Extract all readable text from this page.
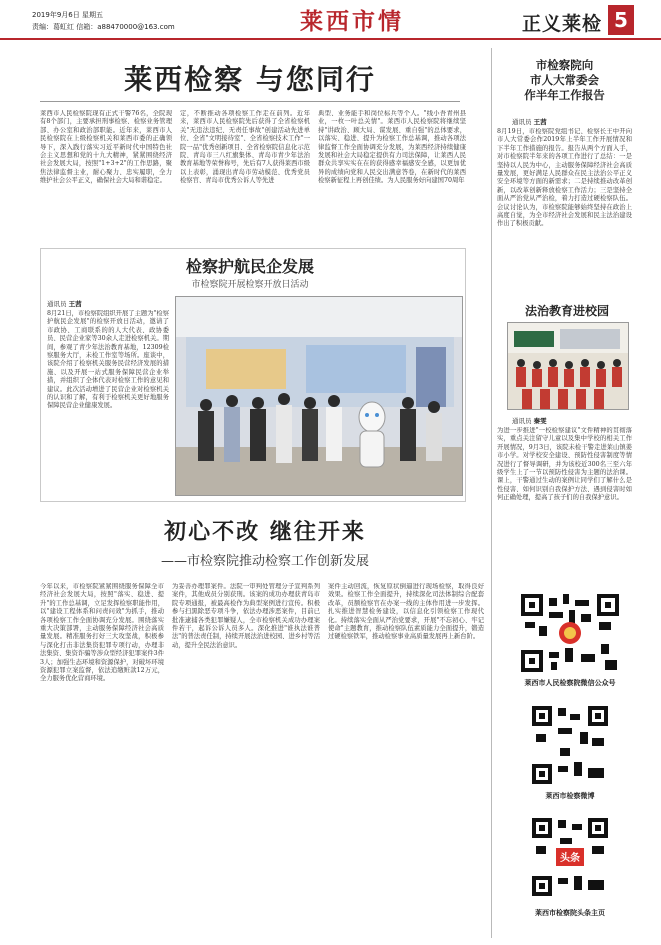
2019年9月6日 星期五
责编：葛虹红 信箱：a88470000@163.com	莱西市情	正义莱检 5
莱西检察 与您同行
莱西市人民检察院现有正式干警76名，全院现有8个部门，主要承担刑事检察、检察业务管理部、办公室和政治部职能。近年来，莱西市人民检察院在上级检察机关和莱西市委的正确领导下，深入践行落实习近平新时代中国特色社会主义思想和党的十九大精神，紧紧围绕经济社会发展大局，按照"1+3+2"的工作思路，聚焦法律监督主业，耐心聚力、忠实履职，全力维护社会公平正义，确保社会大局和谐稳定。
定，不断推动各项检察工作走在前列。近年来，莱西市人民检察院先后获得了全省检察机关"无违法违纪、无责任事故"创建活动先进单位、全省"文明接待室"、全省检察技术工作"一院一品"优秀创新项目、全省检察院信息化示范院、青岛市三八红旗集体、青岛市青少年法治教育基地等荣誉称号，先后有7人获得莱西市级以上表彰，涌现出青岛市劳动模范、优秀党员检察官、青岛市优秀公诉人等先进
典型、业务能手和岗位标兵等个人。"线小吾青州县业，一枚一叶总关情"。莱西市人民检察院将继续坚持"讲政治、顾大局、谋发展、重自强"的总体要求，以落实、稳进、提升为检察工作总基调，推动各项法律监督工作全面协调充分发展，为莱西经济持续健康发展和社会大局稳定提供有力司法保障，让莱西人民群众共享实实在在的获得感幸福感安全感，以更加优异的成绩向党和人民交出满意答卷，在新时代的莱西检察新征程上再创佳绩。为人民服务好向建国70周年
市检察院向
市人大常委会
作半年工作报告
通讯员 王茜
8月19日，市检察院党组书记、检察长王中开向市人大常委会作2019年上半年工作开展情况和下半年工作措施的报告。报告从两个方面入手，对市检察院半年来的各项工作进行了总结：一是坚持以人民为中心，主动服务保障经济社会高质量发展，更好满足人民群众在民主法治公平正义安全环境等方面的新需求；二是持续推动改革创新，以改革创新释放检察工作活力；三是坚持全面从严治党从严治检，着力打造过硬检察队伍。会议讨论认为，市检察院能够始终坚持在政治上高度自觉，为全市经济社会发展和民主法治建设作出了积极贡献。
检察护航民企发展
市检察院开展检察开放日活动
通讯员 王茜
8月21日，市检察院组织开展了主题为"检察护航民企发展"的检察开放日活动，邀请了市政协、工商联系的的人大代表、政协委员、民营企业家等30余人走进检察机关。期间，参观了青少年法治教育基地，12309检察服务大厅，未检工作室等场所。座谈中，该院介绍了检察机关服务民营经济发展的措施、以及开展一站式服务保障民营企业举措，并组织了全体代表对检察工作的意见和建议。此次活动增进了民营企业对检察机关的认识和了解，有利于检察机关更好地服务保障民营企业健康发展。
法治教育进校园
通讯员 秦雯
为进一步推进"一校检察建议"文件精神的贯彻落实，重点关注留守儿童以及集中学校的相关工作开展情况，9月3日，该院未检干警走进莱山镇姜市小学。对学校安全建设、预防性侵害制度等情况进行了督导调研，并为该校近300名三至六年级学生上了一节以预防性侵害为主题的法治课。课上，干警通过生动的案例让同学们了解什么是性侵害、如何识别自我保护方法、遇到侵害时如何正确处理，提高了孩子们的自我保护意识。
初心不改 继往开来
——市检察院推动检察工作创新发展
今年以来，市检察院紧紧围绕服务保障全市经济社会发展大局，按照"落实、稳进、提升"的工作总基调，立足发挥检察职能作用，以"建设工程体系和问责问效"为抓手，推动各项检察工作全面协调充分发展。围绕落实重大决策部署，主动服务保障经济社会高质量发展。精准服务打好三大攻坚战，积极参与深化打击非法集资犯罪专项行动，办理非法集资、集资诈骗等涉众型经济犯罪案件3件3人；加强生态环境和资源保护，对破坏环境资源犯罪立案监督，依法追缴赃款12万元，全力服务优化营商环境。
为妥善办理罪案件。法院一审判处管理分子宣判系列案件，其他成员分别获刑。该案的成功办理获青岛市院专项通报，被最高检作为典型案例进行宣传。积极参与扫黑除恶专项斗争，依法办理涉恶案件，目前已批准逮捕各类犯罪嫌疑人，全市检察机关成功办理案件若干，起诉公诉人员多人。深化推进"谁执法谁普法"的普法责任制，持续开展法治进校园、进乡村等活动，提升全民法治意识。
案件主动回流，恢复原状倒逼进行现场检察，取得良好效果。检察工作全面提升，持续深化司法体制综合配套改革，员额检察官在办案一线的主体作用进一步发挥。扎实推进智慧检务建设，以信息化引领检察工作现代化。持续落实全面从严治党要求，开展"不忘初心、牢记使命"主题教育，推动检察队伍素质能力全面提升，锻造过硬检察铁军，推动检察事业高质量发展再上新台阶。
莱西市人民检察院微信公众号
莱西市检察微博
头条
莱西市检察院头条主页
